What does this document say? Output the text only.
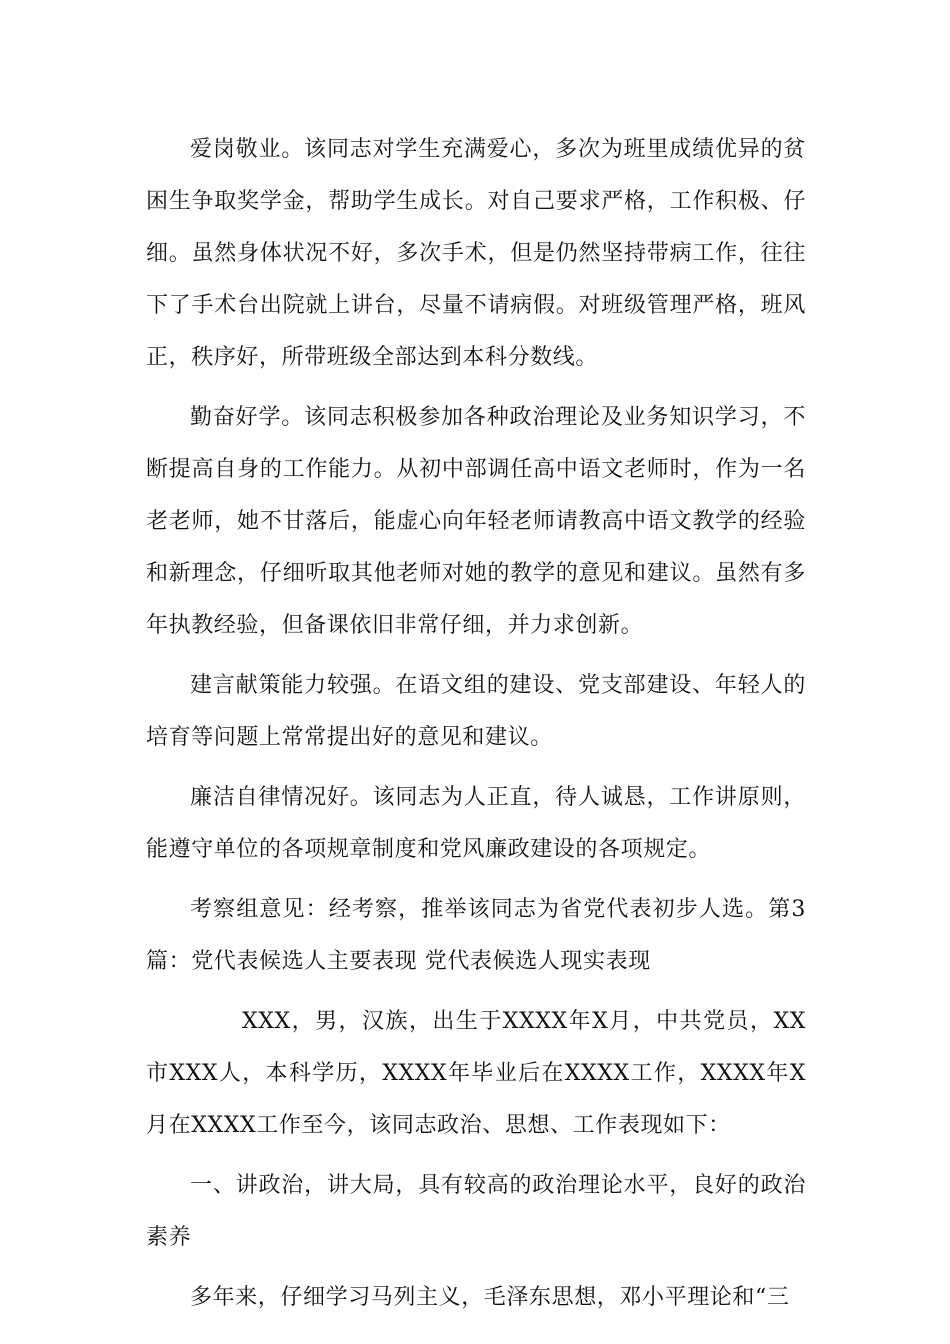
爱岗敬业。该同志对学生充满爱心，多次为班里成绩优异的贫困生争取奖学金，帮助学生成长。对自己要求严格，工作积极、仔细。虽然身体状况不好，多次手术，但是仍然坚持带病工作，往往下了手术台出院就上讲台，尽量不请病假。对班级管理严格，班风正，秩序好，所带班级全部达到本科分数线。

勤奋好学。该同志积极参加各种政治理论及业务知识学习，不断提高自身的工作能力。从初中部调任高中语文老师时，作为一名老老师，她不甘落后，能虚心向年轻老师请教高中语文教学的经验和新理念，仔细听取其他老师对她的教学的意见和建议。虽然有多年执教经验，但备课依旧非常仔细，并力求创新。

建言献策能力较强。在语文组的建设、党支部建设、年轻人的培育等问题上常常提出好的意见和建议。

廉洁自律情况好。该同志为人正直，待人诚恳，工作讲原则，能遵守单位的各项规章制度和党风廉政建设的各项规定。

考察组意见：经考察，推举该同志为省党代表初步人选。第3篇：党代表候选人主要表现 党代表候选人现实表现

XXX，男，汉族，出生于XXXX年X月，中共党员，XX市XXX人，本科学历，XXXX年毕业后在XXXX工作，XXXX年X月在XXXX工作至今，该同志政治、思想、工作表现如下：

一、讲政治，讲大局，具有较高的政治理论水平，良好的政治素养

多年来，仔细学习马列主义，毛泽东思想，邓小平理论和“三
